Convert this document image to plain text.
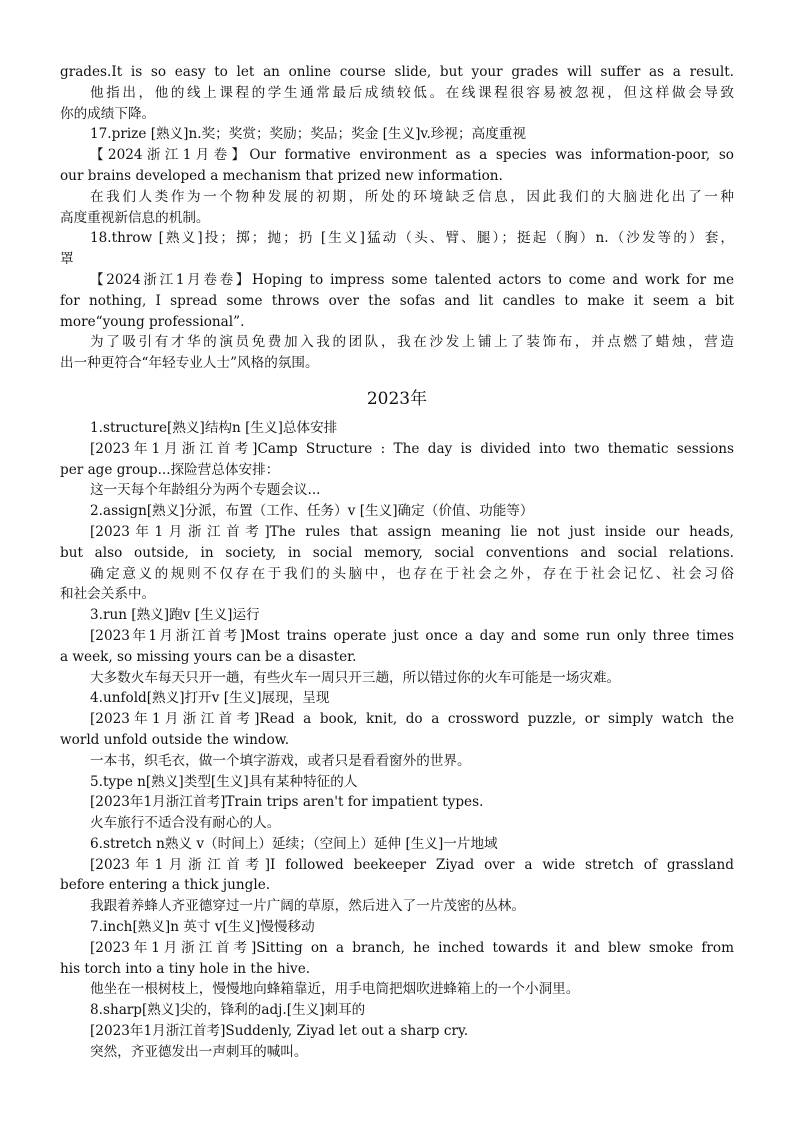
grades.It is so easy to let an online course slide, but your grades will suffer as a result.
他指出，他的线上课程的学生通常最后成绩较低。在线课程很容易被忽视，但这样做会导致
你的成绩下降。
17.prize [熟义]n.奖；奖赏；奖励；奖品；奖金 [生义]v.珍视；高度重视
【2024浙江1月卷】Our formative environment as a species was information-poor, so
our brains developed a mechanism that prized new information.
在我们人类作为一个物种发展的初期，所处的环境缺乏信息，因此我们的大脑进化出了一种
高度重视新信息的机制。
18.throw [熟义]投；掷；抛；扔 [生义]猛动（头、臂、腿）；挺起（胸）n.（沙发等的）套，
罩
【2024浙江1月卷卷】Hoping to impress some talented actors to come and work for me
for nothing, I spread some throws over the sofas and lit candles to make it seem a bit
more“young professional”.
为了吸引有才华的演员免费加入我的团队，我在沙发上铺上了装饰布，并点燃了蜡烛，营造
出一种更符合“年轻专业人士”风格的氛围。
2023年
1.structure[熟义]结构n [生义]总体安排
[2023年1月浙江首考]Camp Structure : The day is divided into two thematic sessions
per age group...探险营总体安排：
这一天每个年龄组分为两个专题会议...
2.assign[熟义]分派，布置（工作、任务）v [生义]确定（价值、功能等）
[2023年1月浙江首考]The rules that assign meaning lie not just inside our heads,
but also outside, in society, in social memory, social conventions and social relations.
确定意义的规则不仅存在于我们的头脑中，也存在于社会之外，存在于社会记忆、社会习俗
和社会关系中。
3.run [熟义]跑v [生义]运行
[2023年1月浙江首考]Most trains operate just once a day and some run only three times
a week, so missing yours can be a disaster.
大多数火车每天只开一趟，有些火车一周只开三趟，所以错过你的火车可能是一场灾难。
4.unfold[熟义]打开v [生义]展现，呈现
[2023年1月浙江首考]Read a book, knit, do a crossword puzzle, or simply watch the
world unfold outside the window.
一本书，织毛衣，做一个填字游戏，或者只是看看窗外的世界。
5.type n[熟义]类型[生义]具有某种特征的人
[2023年1月浙江首考]Train trips aren't for impatient types.
火车旅行不适合没有耐心的人。
6.stretch n熟义 v（时间上）延续；（空间上）延伸 [生义]一片地域
[2023年1月浙江首考]I followed beekeeper Ziyad over a wide stretch of grassland
before entering a thick jungle.
我跟着养蜂人齐亚德穿过一片广阔的草原，然后进入了一片茂密的丛林。
7.inch[熟义]n 英寸 v[生义]慢慢移动
[2023年1月浙江首考]Sitting on a branch, he inched towards it and blew smoke from
his torch into a tiny hole in the hive.
他坐在一根树枝上，慢慢地向蜂箱靠近，用手电筒把烟吹进蜂箱上的一个小洞里。
8.sharp[熟义]尖的，锋利的adj.[生义]刺耳的
[2023年1月浙江首考]Suddenly, Ziyad let out a sharp cry.
突然，齐亚德发出一声刺耳的喊叫。
